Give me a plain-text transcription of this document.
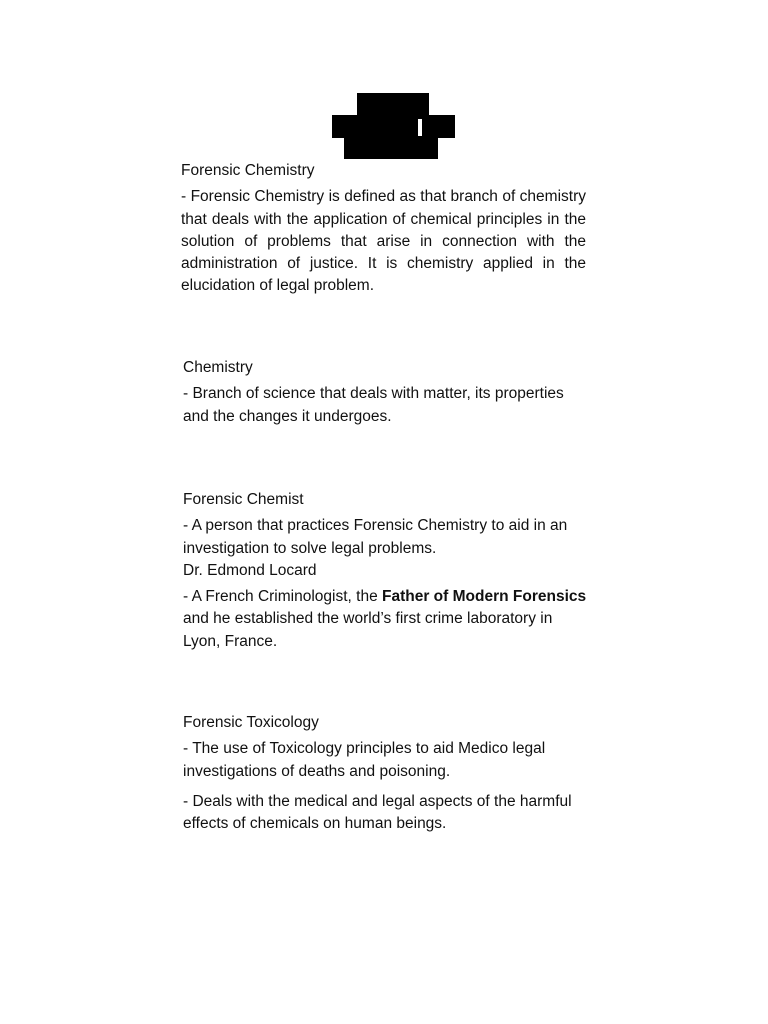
Forensic Chemistry

- Forensic Chemistry is defined as that branch of chemistry that deals with the application of chemical principles in the solution of problems that arise in connection with the administration of justice. It is chemistry applied in the elucidation of legal problem.

Chemistry

- Branch of science that deals with matter, its properties and the changes it undergoes.

Forensic Chemist

- A person that practices Forensic Chemistry to aid in an investigation to solve legal problems.

Dr. Edmond Locard

- A French Criminologist, the Father of Modern Forensics and he established the world’s first crime laboratory in Lyon, France.

Forensic Toxicology

- The use of Toxicology principles to aid Medico legal investigations of deaths and poisoning.

- Deals with the medical and legal aspects of the harmful effects of chemicals on human beings.
